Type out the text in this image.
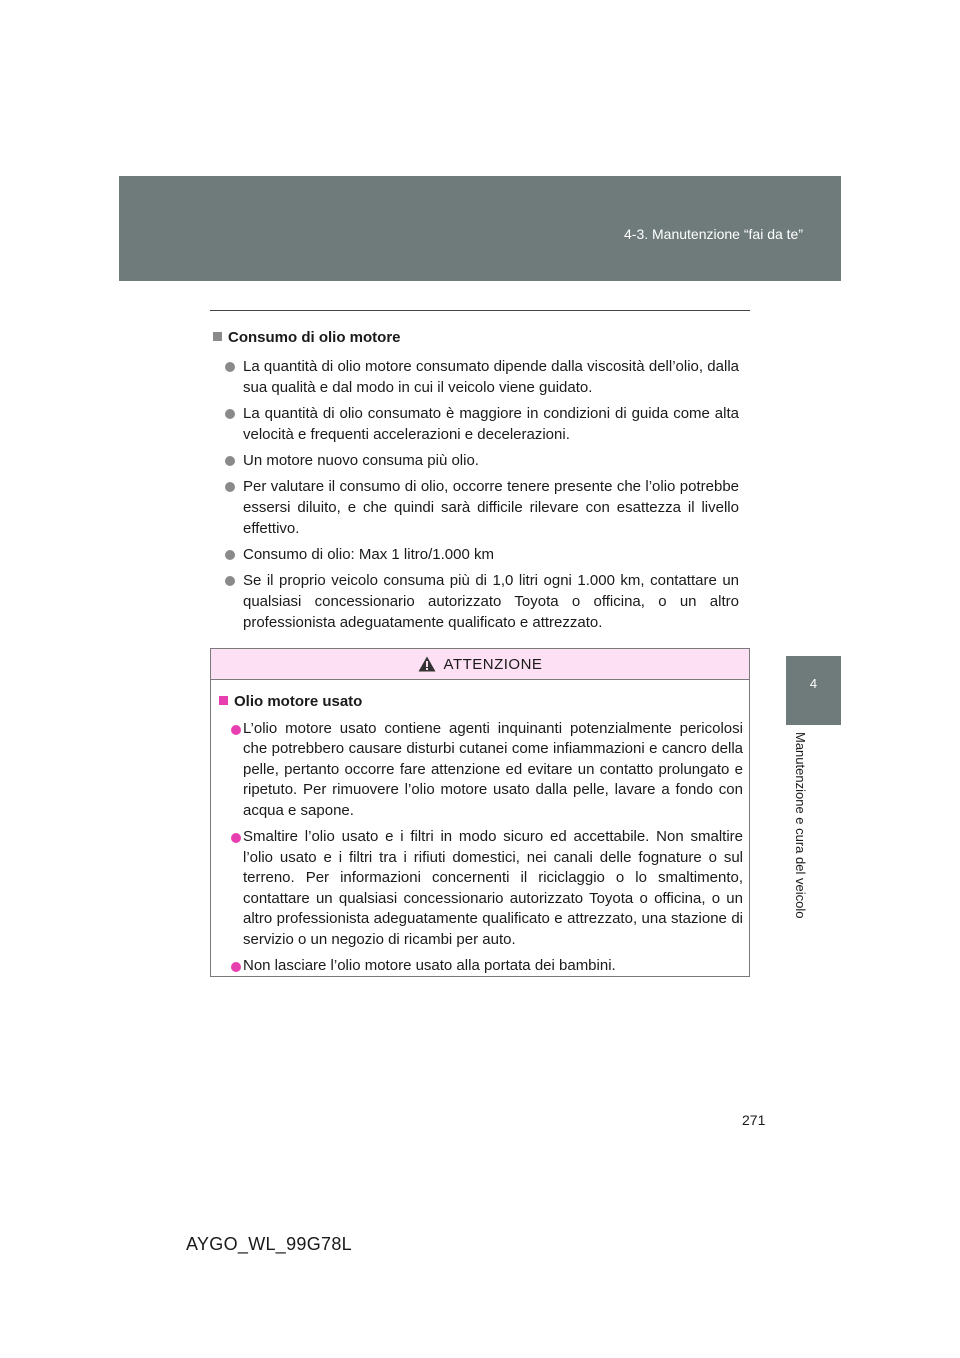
4-3. Manutenzione “fai da te”
4
Manutenzione e cura del veicolo
Consumo di olio motore
La quantità di olio motore consumato dipende dalla viscosità dell’olio, dalla sua qualità e dal modo in cui il veicolo viene guidato.
La quantità di olio consumato è maggiore in condizioni di guida come alta velocità e frequenti accelerazioni e decelerazioni.
Un motore nuovo consuma più olio.
Per valutare il consumo di olio, occorre tenere presente che l’olio potrebbe essersi diluito, e che quindi sarà difficile rilevare con esattezza il livello effettivo.
Consumo di olio: Max 1 litro/1.000 km
Se il proprio veicolo consuma più di 1,0 litri ogni 1.000 km, contattare un qualsiasi concessionario autorizzato Toyota o officina, o un altro professionista adeguatamente qualificato e attrezzato.
ATTENZIONE
Olio motore usato
L’olio motore usato contiene agenti inquinanti potenzialmente pericolosi che potrebbero causare disturbi cutanei come infiammazioni e cancro della pelle, pertanto occorre fare attenzione ed evitare un contatto prolungato e ripetuto. Per rimuovere l’olio motore usato dalla pelle, lavare a fondo con acqua e sapone.
Smaltire l’olio usato e i filtri in modo sicuro ed accettabile. Non smaltire l’olio usato e i filtri tra i rifiuti domestici, nei canali delle fognature o sul terreno. Per informazioni concernenti il riciclaggio o lo smaltimento, contattare un qualsiasi concessionario autorizzato Toyota o officina, o un altro professionista adeguatamente qualificato e attrezzato, una stazione di servizio o un negozio di ricambi per auto.
Non lasciare l’olio motore usato alla portata dei bambini.
271
AYGO_WL_99G78L
